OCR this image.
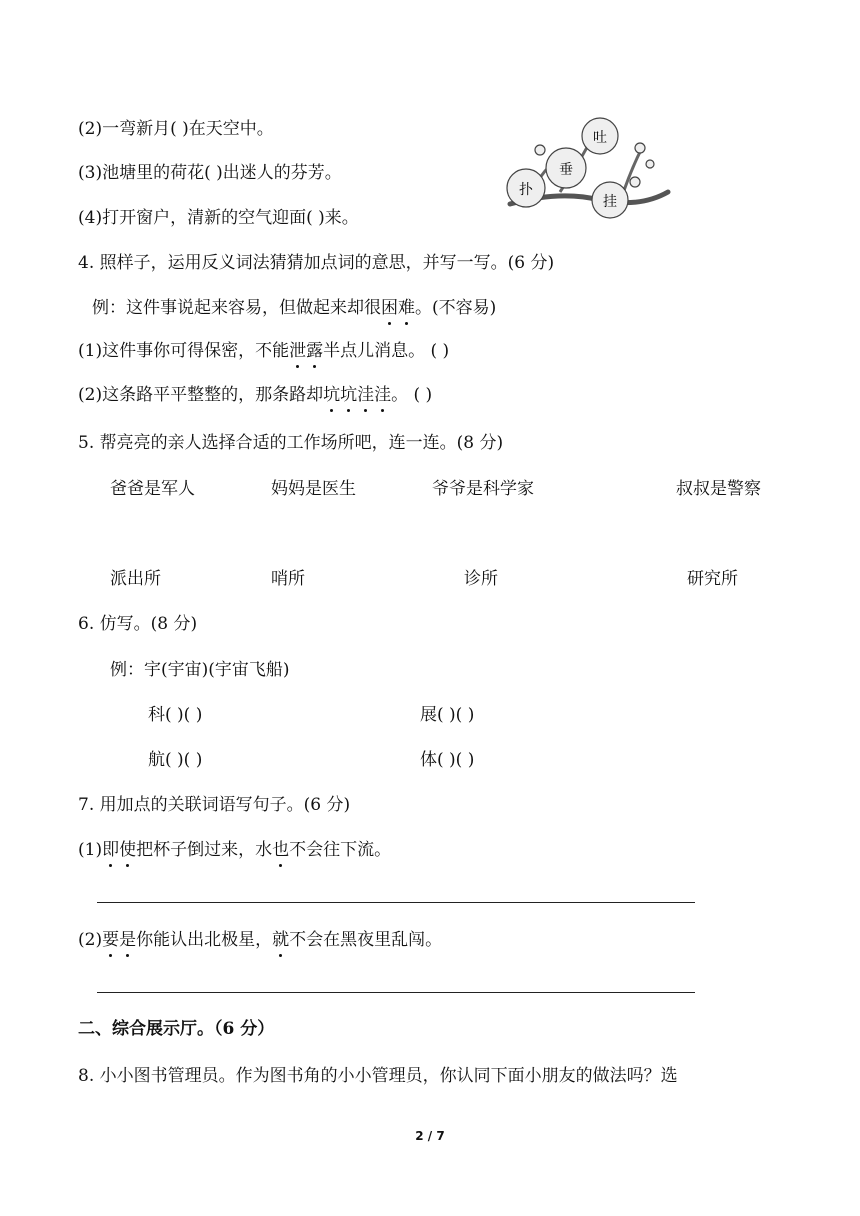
(2)一弯新月( )在天空中。
(3)池塘里的荷花( )出迷人的芬芳。
(4)打开窗户，清新的空气迎面( )来。
吐
垂
扑
挂
4. 照样子，运用反义词法猜猜加点词的意思，并写一写。(6 分)
例：这件事说起来容易，但做起来却很困难。(不容易)
(1)这件事你可得保密，不能泄露半点儿消息。 ( )
(2)这条路平平整整的，那条路却坑坑洼洼。 ( )
5. 帮亮亮的亲人选择合适的工作场所吧，连一连。(8 分)
爸爸是军人	妈妈是医生	爷爷是科学家	叔叔是警察
派出所	哨所	诊所	研究所
6. 仿写。(8 分)
例：宇(宇宙)(宇宙飞船)
科( )( )	展( )( )
航( )( )	体( )( )
7. 用加点的关联词语写句子。(6 分)
(1)即使把杯子倒过来，水也不会往下流。
(2)要是你能认出北极星，就不会在黑夜里乱闯。
二、综合展示厅。（6 分）
8. 小小图书管理员。作为图书角的小小管理员，你认同下面小朋友的做法吗？选
2 / 7
